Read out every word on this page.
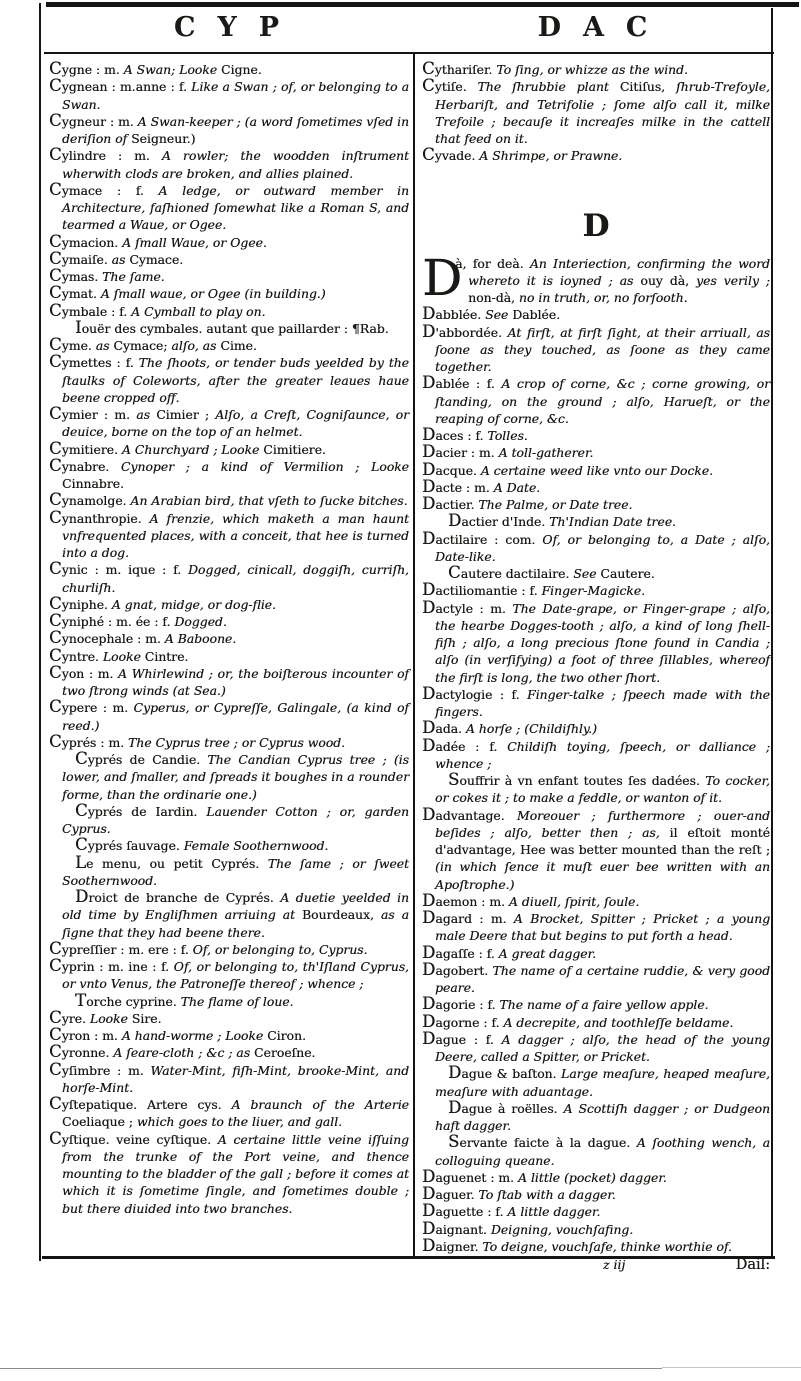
CYP	DAC

Cygne : m. A Swan; Looke Cigne.

Cygnean : m.anne : f. Like a Swan ; of, or belonging to a Swan.

Cygneur : m. A Swan-keeper ; (a word ſometimes vſed in deriſion of Seigneur.)

Cylindre : m. A rowler; the woodden inſtrument wherwith clods are broken, and allies plained.

Cymace : f. A ledge, or outward member in Architecture, faſhioned ſomewhat like a Roman S, and tearmed a Waue, or Ogee.

Cymacion. A ſmall Waue, or Ogee.

Cymaiſe. as Cymace.

Cymas. The ſame.

Cymat. A ſmall waue, or Ogee (in building.)

Cymbale : f. A Cymball to play on.

Iouër des cymbales. autant que paillarder : ¶Rab.

Cyme. as Cymace; alſo, as Cime.

Cymettes : f. The ſhoots, or tender buds yeelded by the ſtaulks of Coleworts, after the greater leaues haue beene cropped off.

Cymier : m. as Cimier ; Alſo, a Creſt, Cogniſaunce, or deuice, borne on the top of an helmet.

Cymitiere. A Churchyard ; Looke Cimitiere.

Cynabre. Cynoper ; a kind of Vermilion ; Looke Cinnabre.

Cynamolge. An Arabian bird, that vſeth to ſucke bitches.

Cynanthropie. A frenzie, which maketh a man haunt vnfrequented places, with a conceit, that hee is turned into a dog.

Cynic : m. ique : f. Dogged, cinicall, doggiſh, curriſh, churliſh.

Cyniphe. A gnat, midge, or dog-flie.

Cyniphé : m. ée : f. Dogged.

Cynocephale : m. A Baboone.

Cyntre. Looke Cintre.

Cyon : m. A Whirlewind ; or, the boiſterous incounter of two ſtrong winds (at Sea.)

Cypere : m. Cyperus, or Cypreſſe, Galingale, (a kind of reed.)

Cyprés : m. The Cyprus tree ; or Cyprus wood.

Cyprés de Candie. The Candian Cyprus tree ; (is lower, and ſmaller, and ſpreads it boughes in a rounder forme, than the ordinarie one.)

Cyprés de Iardin. Lauender Cotton ; or, garden Cyprus.

Cyprés ſauvage. Female Soothernwood.

Le menu, ou petit Cyprés. The ſame ; or ſweet Soothernwood.

Droict de branche de Cyprés. A duetie yeelded in old time by Engliſhmen arriuing at Bourdeaux, as a ſigne that they had beene there.

Cypreſſier : m. ere : f. Of, or belonging to, Cyprus.

Cyprin : m. ine : f. Of, or belonging to, th'Iſland Cyprus, or vnto Venus, the Patroneſſe thereof ; whence ;

Torche cyprine. The flame of loue.

Cyre. Looke Sire.

Cyron : m. A hand-worme ; Looke Ciron.

Cyronne. A ſeare-cloth ; &c ; as Ceroeſne.

Cyſimbre : m. Water-Mint, fiſh-Mint, brooke-Mint, and horſe-Mint.

Cyſtepatique. Artere cys. A braunch of the Arterie Coeliaque ; which goes to the liuer, and gall.

Cyſtique. veine cyſtique. A certaine little veine iſſuing from the trunke of the Port veine, and thence mounting to the bladder of the gall ; before it comes at which it is ſometime ſingle, and ſometimes double ; but there diuided into two branches.

Cythariſer. To ſing, or whizze as the wind.

Cytiſe. The ſhrubbie plant Citiſus, ſhrub-Trefoyle, Herbariſt, and Tetrifolie ; ſome alſo call it, milke Trefoile ; becauſe it increaſes milke in the cattell that feed on it.

Cyvade. A Shrimpe, or Prawne.

D

D
à, for deà. An Interiection, confirming the word whereto it is ioyned ; as ouy dà, yes verily ; non-dà, no in truth, or, no forſooth.

Dabblée. See Dablée.

D'abbordée. At firſt, at firſt ſight, at their arriuall, as ſoone as they touched, as ſoone as they came together.

Dablée : f. A crop of corne, &c ; corne growing, or ſtanding, on the ground ; alſo, Harueſt, or the reaping of corne, &c.

Daces : f. Tolles.

Dacier : m. A toll-gatherer.

Dacque. A certaine weed like vnto our Docke.

Dacte : m. A Date.

Dactier. The Palme, or Date tree.

Dactier d'Inde. Th'Indian Date tree.

Dactilaire : com. Of, or belonging to, a Date ; alſo, Date-like.

Cautere dactilaire. See Cautere.

Dactiliomantie : f. Finger-Magicke.

Dactyle : m. The Date-grape, or Finger-grape ; alſo, the hearbe Dogges-tooth ; alſo, a kind of long ſhell-fiſh ; alſo, a long precious ſtone found in Candia ; alſo (in verſifying) a foot of three ſillables, whereof the firſt is long, the two other ſhort.

Dactylogie : f. Finger-talke ; ſpeech made with the fingers.

Dada. A horſe ; (Childiſhly.)

Dadée : f. Childiſh toying, ſpeech, or dalliance ; whence ;

Souffrir à vn enfant toutes ſes dadées. To cocker, or cokes it ; to make a feddle, or wanton of it.

Dadvantage. Moreouer ; furthermore ; ouer-and beſides ; alſo, better then ; as, il eſtoit monté d'advantage, Hee was better mounted than the reſt ; (in which ſence it muſt euer bee written with an Apoſtrophe.)

Daemon : m. A diuell, ſpirit, ſoule.

Dagard : m. A Brocket, Spitter ; Pricket ; a young male Deere that but begins to put forth a head.

Dagaſſe : f. A great dagger.

Dagobert. The name of a certaine ruddie, & very good peare.

Dagorie : f. The name of a faire yellow apple.

Dagorne : f. A decrepite, and toothleſſe beldame.

Dague : f. A dagger ; alſo, the head of the young Deere, called a Spitter, or Pricket.

Dague & baſton. Large meaſure, heaped meaſure, meaſure with aduantage.

Dague à roëlles. A Scottiſh dagger ; or Dudgeon haft dagger.

Servante faicte à la dague. A ſoothing wench, a colloguing queane.

Daguenet : m. A little (pocket) dagger.

Daguer. To ſtab with a dagger.

Daguette : f. A little dagger.

Daignant. Deigning, vouchſafing.

Daigner. To deigne, vouchſafe, thinke worthie of.

z iij	Dail:
